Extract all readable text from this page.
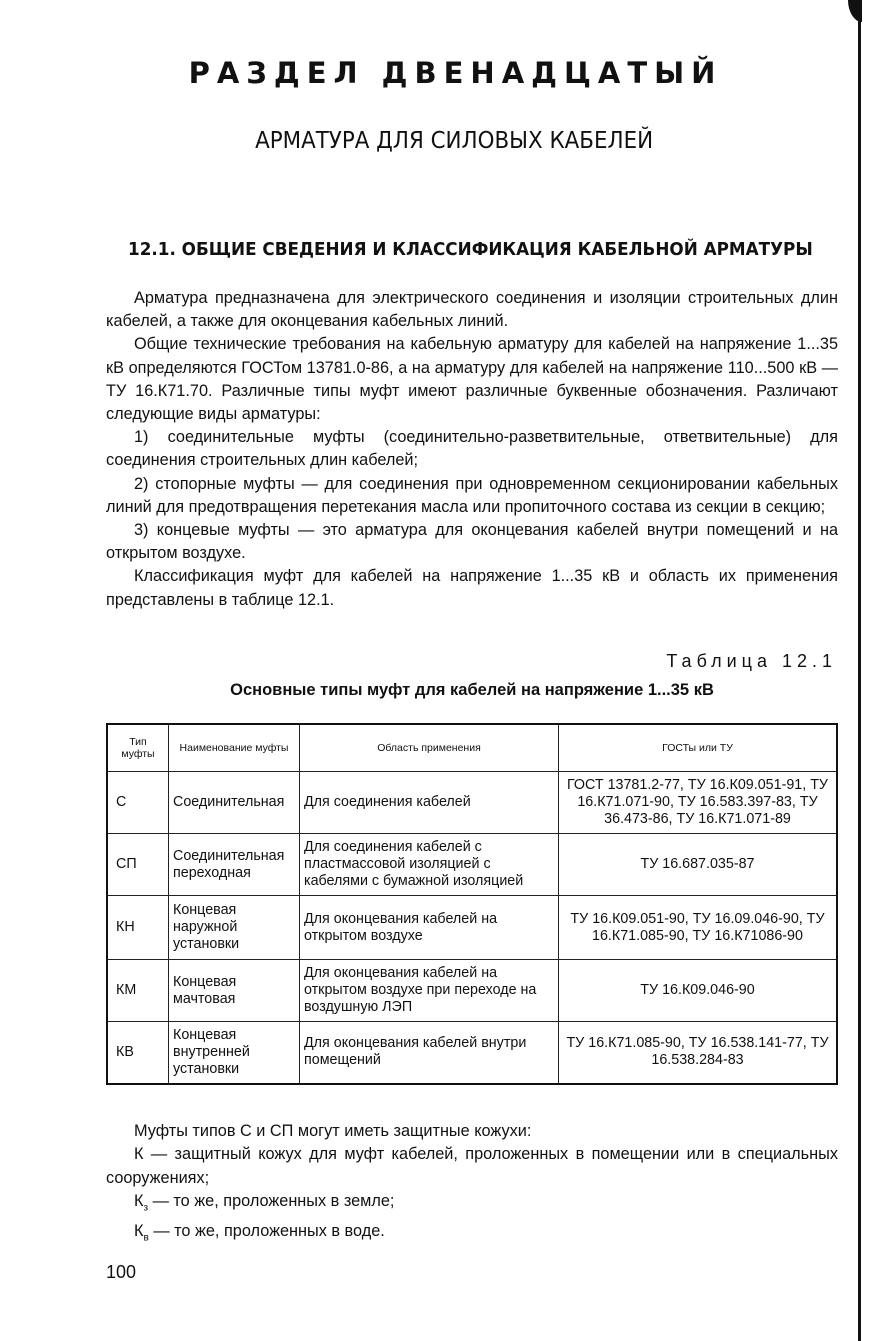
РАЗДЕЛ ДВЕНАДЦАТЫЙ
АРМАТУРА ДЛЯ СИЛОВЫХ КАБЕЛЕЙ
12.1. ОБЩИЕ СВЕДЕНИЯ И КЛАССИФИКАЦИЯ КАБЕЛЬНОЙ АРМАТУРЫ

Арматура предназначена для электрического соединения и изоляции строительных длин кабелей, а также для оконцевания кабельных линий.

Общие технические требования на кабельную арматуру для кабелей на напряжение 1...35 кВ определяются ГОСТом 13781.0-86, а на арматуру для кабелей на напряжение 110...500 кВ — ТУ 16.К71.70. Различные типы муфт имеют различные буквенные обозначения. Различают следующие виды арматуры:

1) соединительные муфты (соединительно-разветвительные, ответвительные) для соединения строительных длин кабелей;

2) стопорные муфты — для соединения при одновременном секционировании кабельных линий для предотвращения перетекания масла или пропиточного состава из секции в секцию;

3) концевые муфты — это арматура для оконцевания кабелей внутри помещений и на открытом воздухе.

Классификация муфт для кабелей на напряжение 1...35 кВ и область их применения представлены в таблице 12.1.

Таблица 12.1
Основные типы муфт для кабелей на напряжение 1...35 кВ
Тип муфты	Наименование муфты	Область применения	ГОСТы или ТУ
С	Соединительная	Для соединения кабелей	ГОСТ 13781.2-77, ТУ 16.К09.051-91, ТУ 16.К71.071-90, ТУ 16.583.397-83, ТУ 36.473-86, ТУ 16.К71.071-89
СП	Соединительная переходная	Для соединения кабелей с пластмассовой изоляцией с кабелями с бумажной изоляцией	ТУ 16.687.035-87
КН	Концевая наружной установки	Для оконцевания кабелей на открытом воздухе	ТУ 16.К09.051-90, ТУ 16.09.046-90, ТУ 16.К71.085-90, ТУ 16.К71086-90
КМ	Концевая мачтовая	Для оконцевания кабелей на открытом воздухе при переходе на воздушную ЛЭП	ТУ 16.К09.046-90
КВ	Концевая внутренней установки	Для оконцевания кабелей внутри помещений	ТУ 16.К71.085-90, ТУ 16.538.141-77, ТУ 16.538.284-83

Муфты типов С и СП могут иметь защитные кожухи:

К — защитный кожух для муфт кабелей, проложенных в помещении или в специальных сооружениях;

$К_з$ — то же, проложенных в земле;

$К_в$ — то же, проложенных в воде.

100
